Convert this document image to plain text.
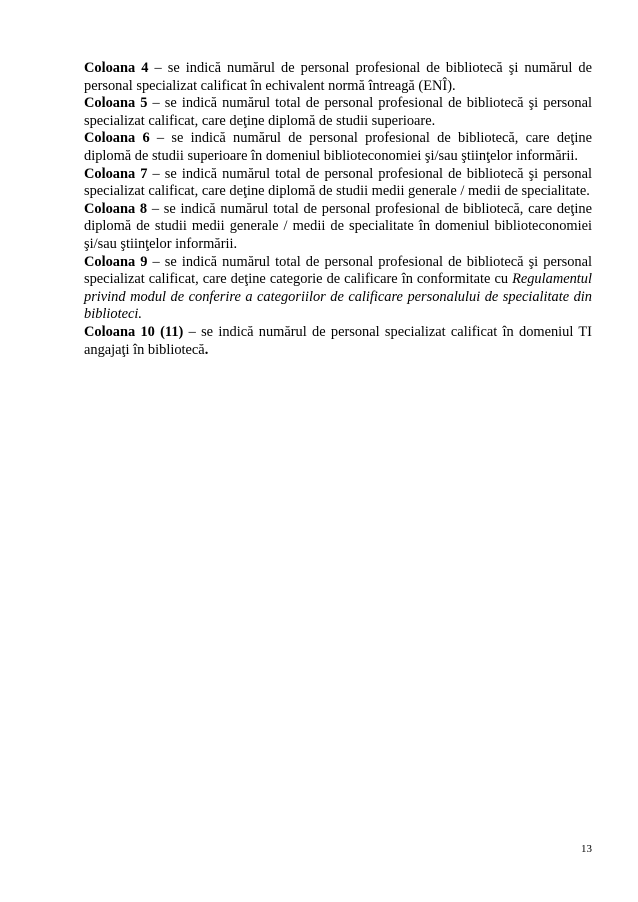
Coloana 4 – se indică numărul de personal profesional de bibliotecă şi numărul de personal specializat calificat în echivalent normă întreagă (ENÎ).

Coloana 5 – se indică numărul total de personal profesional de bibliotecă şi personal specializat calificat, care deţine diplomă de studii superioare.

Coloana 6 – se indică numărul de personal profesional de bibliotecă, care deţine diplomă de studii superioare în domeniul biblioteconomiei şi/sau ştiinţelor informării.

Coloana 7 – se indică numărul total de personal profesional de bibliotecă şi personal specializat calificat, care deţine diplomă de studii medii generale / medii de specialitate.

Coloana 8 – se indică numărul total de personal profesional de bibliotecă, care deţine diplomă de studii medii generale / medii de specialitate în domeniul biblioteconomiei şi/sau ştiinţelor informării.

Coloana 9 – se indică numărul total de personal profesional de bibliotecă şi personal specializat calificat, care deţine categorie de calificare în conformitate cu Regulamentul privind modul de conferire a categoriilor de calificare personalului de specialitate din biblioteci.

Coloana 10 (11) – se indică numărul de personal specializat calificat în domeniul TI angajaţi în bibliotecă.

13
